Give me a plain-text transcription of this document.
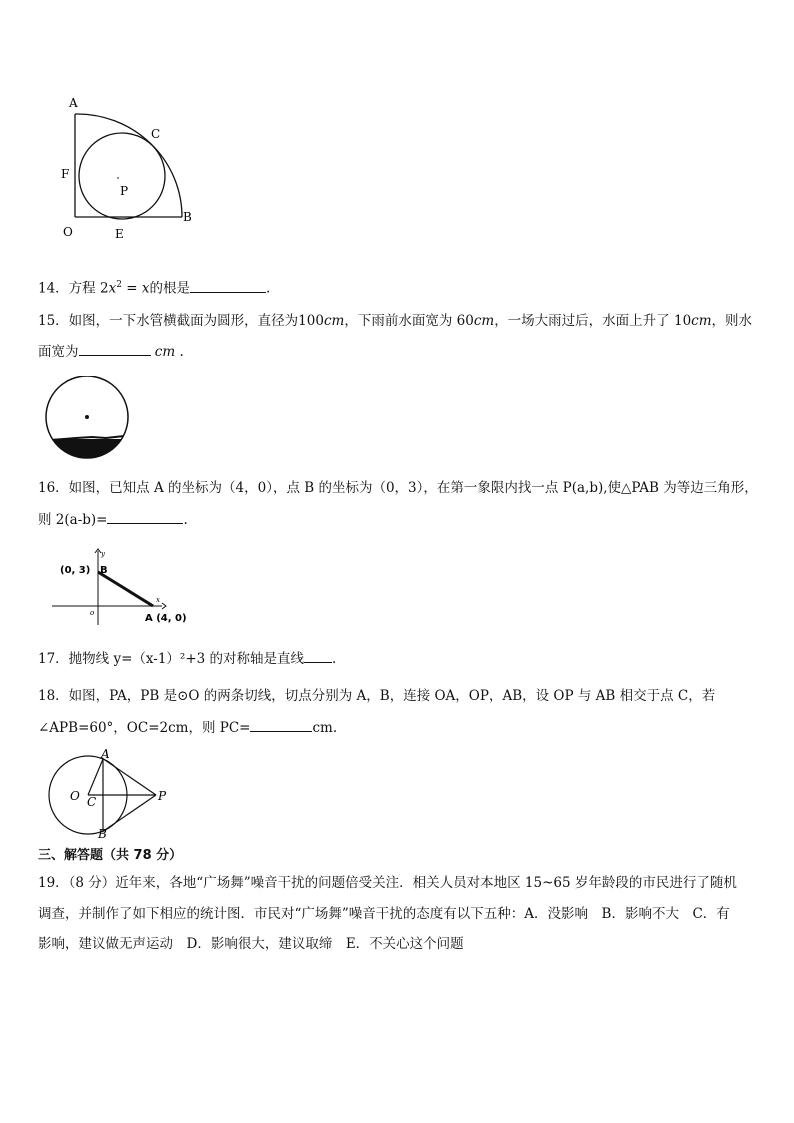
A
C
F
P
O	E
B
14．方程 $2x^2 = x$的根是	.
15．如图，一下水管横截面为圆形，直径为100cm，下雨前水面宽为 60cm，一场大雨过后，水面上升了 10cm，则水
面宽为	cm .
16．如图，已知点 A 的坐标为（4，0），点 B 的坐标为（0，3），在第一象限内找一点 P(a,b),使△PAB 为等边三角形，
则 2(a-b)=	.
y
x
o
(0, 3) B
A (4, 0)
17．抛物线 y=（x-1）²+3 的对称轴是直线 .
18．如图，PA，PB 是⊙O 的两条切线，切点分别为 A，B，连接 OA，OP，AB，设 OP 与 AB 相交于点 C，若
∠APB=60°，OC=2cm，则 PC=	cm.
A
O C	P
B
三、解答题（共 78 分）
19．（8 分）近年来，各地“广场舞”噪音干扰的问题倍受关注．相关人员对本地区 15~65 岁年龄段的市民进行了随机
调查，并制作了如下相应的统计图．市民对“广场舞”噪音干扰的态度有以下五种：A．没影响　B．影响不大　C．有
影响，建议做无声运动　D．影响很大，建议取缔　E．不关心这个问题
